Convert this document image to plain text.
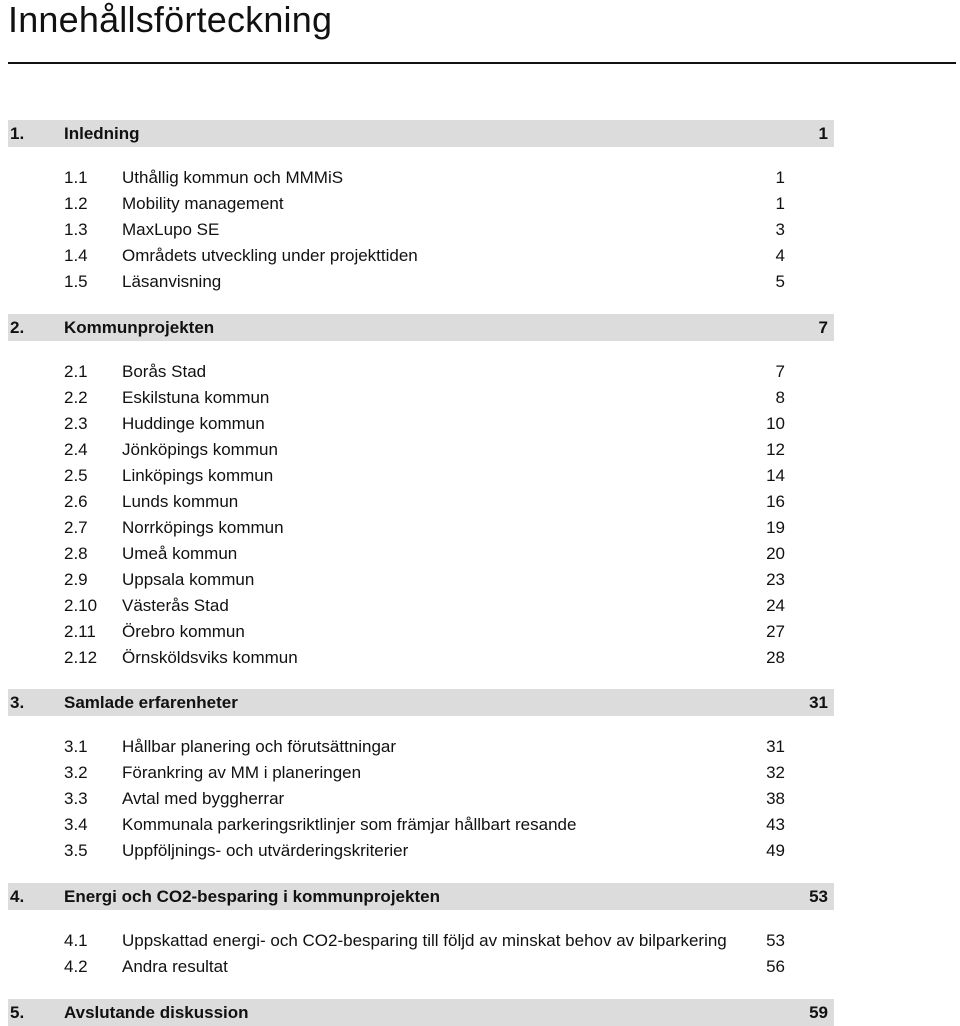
Innehållsförteckning
1. Inledning	1
1.1 Uthållig kommun och MMMiS	1
1.2 Mobility management	1
1.3 MaxLupo SE	3
1.4 Områdets utveckling under projekttiden	4
1.5 Läsanvisning	5
2. Kommunprojekten	7
2.1 Borås Stad	7
2.2 Eskilstuna kommun	8
2.3 Huddinge kommun	10
2.4 Jönköpings kommun	12
2.5 Linköpings kommun	14
2.6 Lunds kommun	16
2.7 Norrköpings kommun	19
2.8 Umeå kommun	20
2.9 Uppsala kommun	23
2.10 Västerås Stad	24
2.11 Örebro kommun	27
2.12 Örnsköldsviks kommun	28
3. Samlade erfarenheter	31
3.1 Hållbar planering och förutsättningar	31
3.2 Förankring av MM i planeringen	32
3.3 Avtal med byggherrar	38
3.4 Kommunala parkeringsriktlinjer som främjar hållbart resande	43
3.5 Uppföljnings- och utvärderingskriterier	49
4. Energi och CO2-besparing i kommunprojekten	53
4.1 Uppskattad energi- och CO2-besparing till följd av minskat behov av bilparkering 53
4.2 Andra resultat	56
5. Avslutande diskussion	59
